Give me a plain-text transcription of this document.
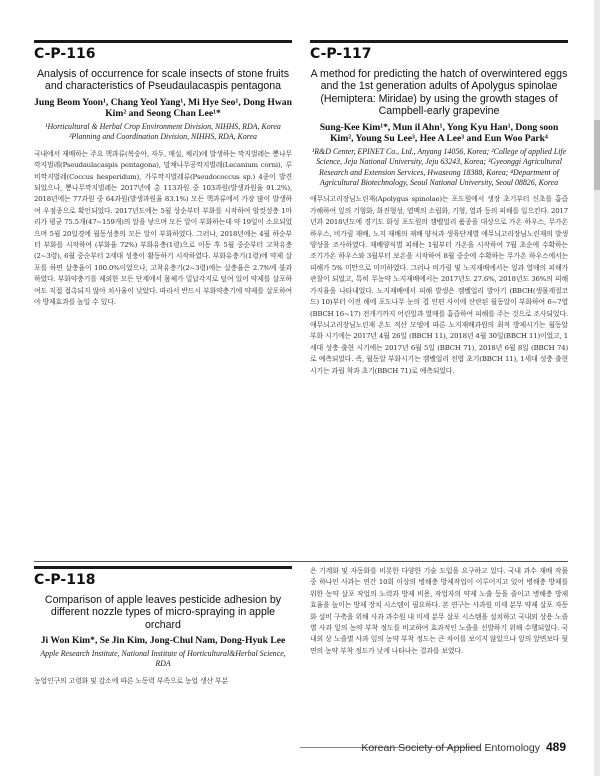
C-P-116

Analysis of occurrence for scale insects of stone fruits and characteristics of Pseudaulacaspis pentagona

Jung Beom Yoon¹, Chang Yeol Yang¹, Mi Hye Seo¹, Dong Hwan Kim² and Seong Chan Lee¹*

¹Horticultural & Herbal Crop Environment Division, NIHHS, RDA, Korea ²Planning and Coordination Division, NIHHS, RDA, Korea

국내에서 재배하는 주요 핵과류(복숭아, 자두, 매실, 체리)에 발생하는 깍지벌레는 뽕나무깍지벌레(Pseudaulacaspis pentagona), 말채나무공깍지벌레(Lecanium corni), 루비깍지벌레(Coccus hesperidum), 가루깍지벌레류(Pseudococcus sp.) 4종이 발견되었으나, 뽕나무깍지벌레는 2017년에 총 113과원 중 103과원(발생과원율 91.2%), 2018년에는 77과원 중 64과원(발생과원율 83.1%) 모든 핵과류에서 가장 많이 발생하여 우점종으로 확인되었다. 2017년도에는 5월 상순부터 부화를 시작하여 암컷성충 1마리가 평균 75.5개(47~159개)의 알을 낳으며 모든 알이 부화하는데 약 19일이 소요되었으며 5월 20일경에 월동성충의 모든 알이 부화하였다. 그러나, 2018년에는 4월 하순부터 부화를 시작하여 (부화율 72%) 부화유충(1령)으로 이동 후 5월 중순부터 고착유충(2~3령), 6월 중순부터 2세대 성충이 활동하기 시작하였다. 부화유충기(1령)에 약제 살포를 하면 살충율이 100.0%이었으나, 고착유충기(2~3령)에는 살충율은 2.7%에 불과하였다. 부화약충기를 제외한 모든 단계에서 몸체가 밀납각지로 덮여 있어 약제를 살포하여도 직접 접촉되지 않아 치사율이 낮았다. 따라서 반드시 부화약충기에 약제를 살포하여야 방제효과를 높일 수 있다.

C-P-117

A method for predicting the hatch of overwintered eggs and the 1st generation adults of Apolygus spinolae (Hemiptera: Miridae) by using the growth stages of Campbell-early grapevine

Sung-Kee Kim¹*, Mun il Ahn¹, Yong Kyu Han¹, Dong soon Kim², Young Su Lee³, Hee A Lee³ and Eun Woo Park⁴

¹R&D Center, EPINET Co., Ltd., Anyang 14056, Korea; ²College of applied Life Science, Jeju National University, Jeju 63243, Korea; ³Gyeonggi Agricultural Research and Extension Services, Hwaseong 18388, Korea; ⁴Department of Agricultural Biotechnology, Seoul National University, Seoul 08826, Korea

애무늬고리장님노린재(Apolygus spinolae)는 포도원에서 생장 초기부터 신초를 흡즙 가해하여 잎의 기형화, 화진형성, 엽맥의 소립화, 기형, 열과 등의 피해를 일으킨다. 2017년과 2018년도에 경기도 화성 포도원의 캠벨얼리 품종을 대상으로 가온 하우스, 무가온 하우스, 비가림 재배, 노지 재배의 재배 양식과 생육단계별 애무늬고리장님노린재의 발생 양상을 조사하였다. 재배양식별 피해는 1월부터 가온을 시작하여 7월 초순에 수확하는 조기가온 하우스와 3월부터 보온을 시작하여 8월 중순에 수확하는 무가온 하우스에서는 피해가 5% 미만으로 미미하였다. 그러나 비가림 및 노지재배에서는 잎과 열매의 피해가 관찰이 되었고, 특히 무농약 노지재배에서는 2017년도 27.6%, 2018년도 36%의 피해가지율을 나타내었다. 노지재배에서 피해 발생은 캠벨얼리 발아기 (BBCH(생물계절코드) 10)부터 이전 해에 포도나무 눈의 겹 인편 사이에 산란된 월동알이 부화하여 6~7엽(BBCH 16~17) 전개기까지 어린잎과 열매를 흡즙하여 피해를 주는 것으로 조사되었다. 애무늬고리장님노린재 온도 적산 모델에 따른 노지재배과원의 최적 방제시기는 월동알 부화 시기에는 2017년 4월 26일 (BBCH 11), 2018년 4월 30일(BBCH 11)이었고, 1세대 성충 출현 시기에는 2017년 6월 5일 (BBCH 71), 2018년 6월 8일 (BBCH 74)로 예측되었다. 즉, 월동알 부화시기는 캠벨얼리 전엽 초기(BBCH 11), 1세대 성충 출현 시기는 과립 착과 초기(BBCH 71)로 예측되었다.

C-P-118

Comparison of apple leaves pesticide adhesion by different nozzle types of micro-spraying in apple orchard

Ji Won Kim*, Se Jin Kim, Jong-Chul Nam, Dong-Hyuk Lee

Apple Research Institute, National Institute of Horticultural&Herbal Science, RDA

농업인구의 고령화 및 감소에 따른 노동력 부족으로 농업 생산 부분

은 기계화 및 자동화를 비롯한 다양한 기술 도입을 요구하고 있다. 국내 과수 재배 작물 중 하나인 사과는 연간 10회 이상의 병해충 방제작업이 이루어지고 있어 병해충 방제를 위한 농약 살포 작업의 노력과 방제 비용, 작업자의 약제 노출 등을 줄이고 병해충 방제 효율을 높이는 방제 장치 시스템이 필요하다. 본 연구는 사과원 미세 분무 약제 살포 자동화 설비 구축을 위해 사과 과수원 내 미세 분무 살포 시스템을 설치하고 국내외 상용 노즐별 사과 잎의 농약 부착 정도를 비교하여 효과적인 노즐을 선발하기 위해 수행되었다. 국내외 상 노즐별 사과 잎의 농약 부착 정도는 큰 차이를 보이지 않았으나 잎의 앞면보다 뒷면의 농약 부착 정도가 낮게 나타나는 결과를 보였다.

Korean Society of Applied Entomology 489
